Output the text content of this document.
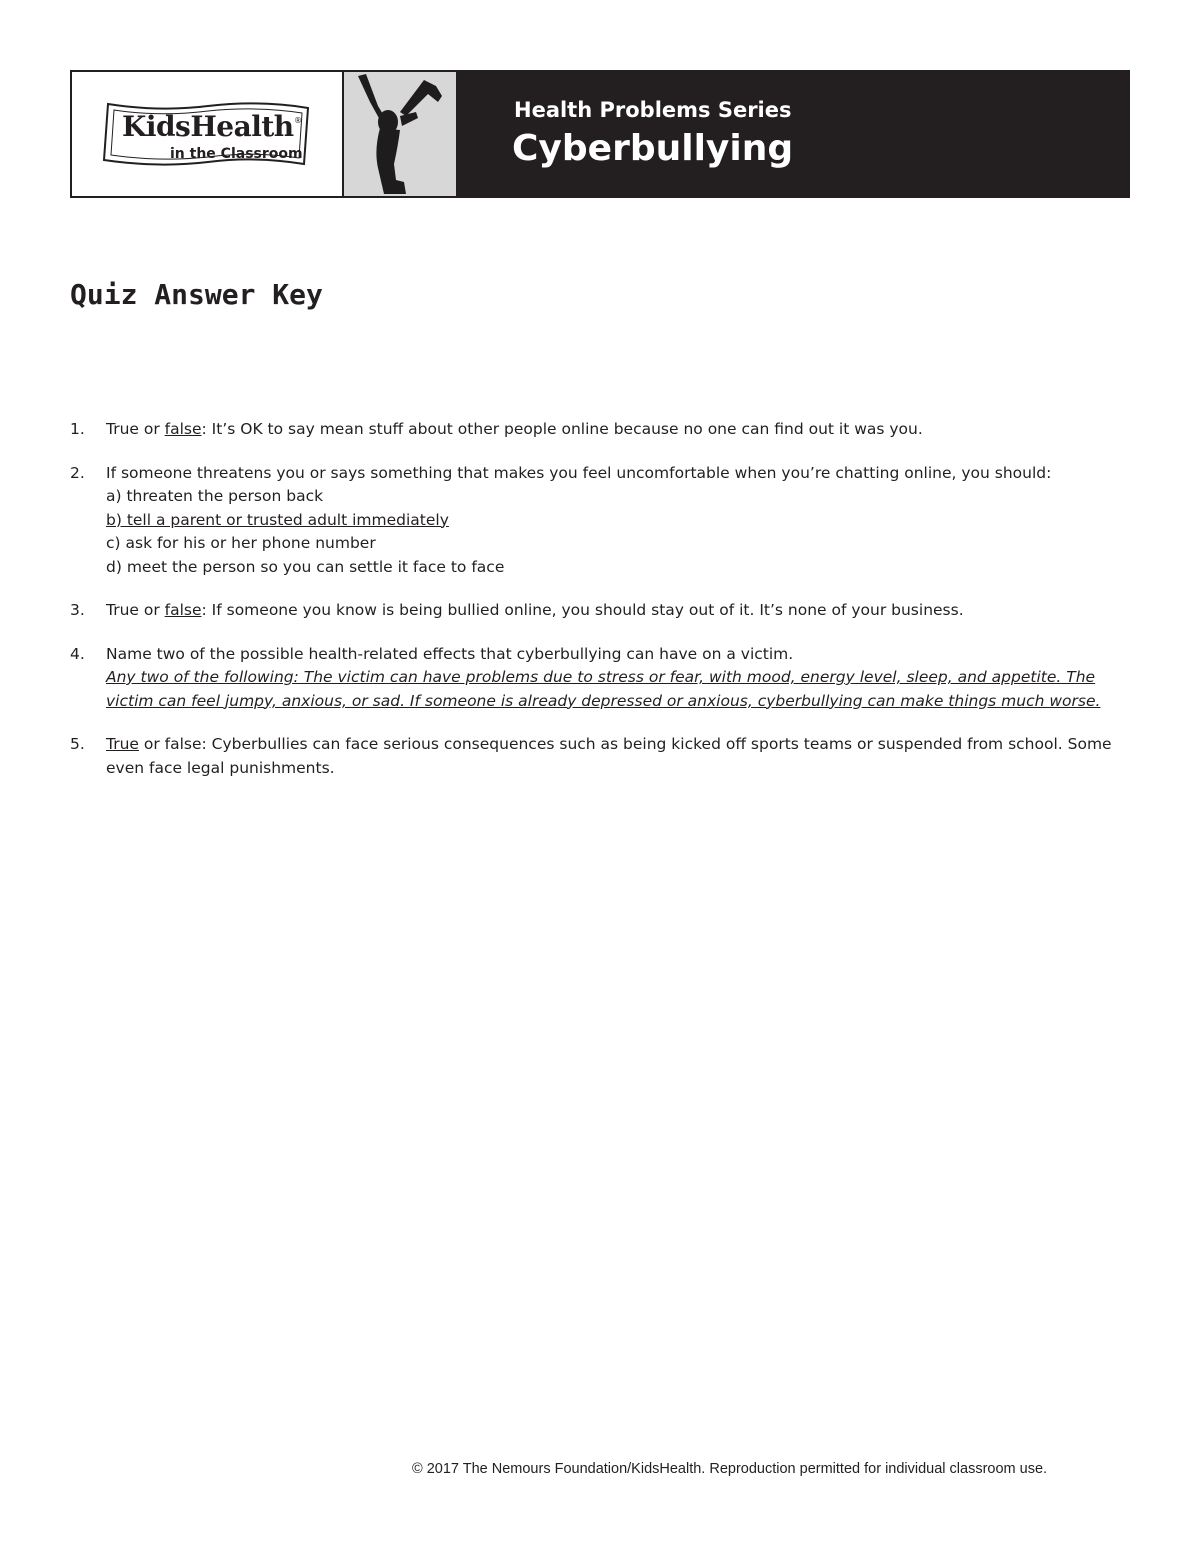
KidsHealth ®
in the Classroom
Health Problems Series
Cyberbullying
Quiz Answer Key
1. True or false: It’s OK to say mean stuff about other people online because no one can find out it was you.
2. If someone threatens you or says something that makes you feel uncomfortable when you’re chatting online, you should:
a) threaten the person back
b) tell a parent or trusted adult immediately
c) ask for his or her phone number
d) meet the person so you can settle it face to face
3. True or false: If someone you know is being bullied online, you should stay out of it. It’s none of your business.
4. Name two of the possible health-related effects that cyberbullying can have on a victim.
Any two of the following: The victim can have problems due to stress or fear, with mood, energy level, sleep, and appetite. The victim can feel jumpy, anxious, or sad. If someone is already depressed or anxious, cyberbullying can make things much worse.
5. True or false: Cyberbullies can face serious consequences such as being kicked off sports teams or suspended from school. Some even face legal punishments.
© 2017 The Nemours Foundation/KidsHealth. Reproduction permitted for individual classroom use.
